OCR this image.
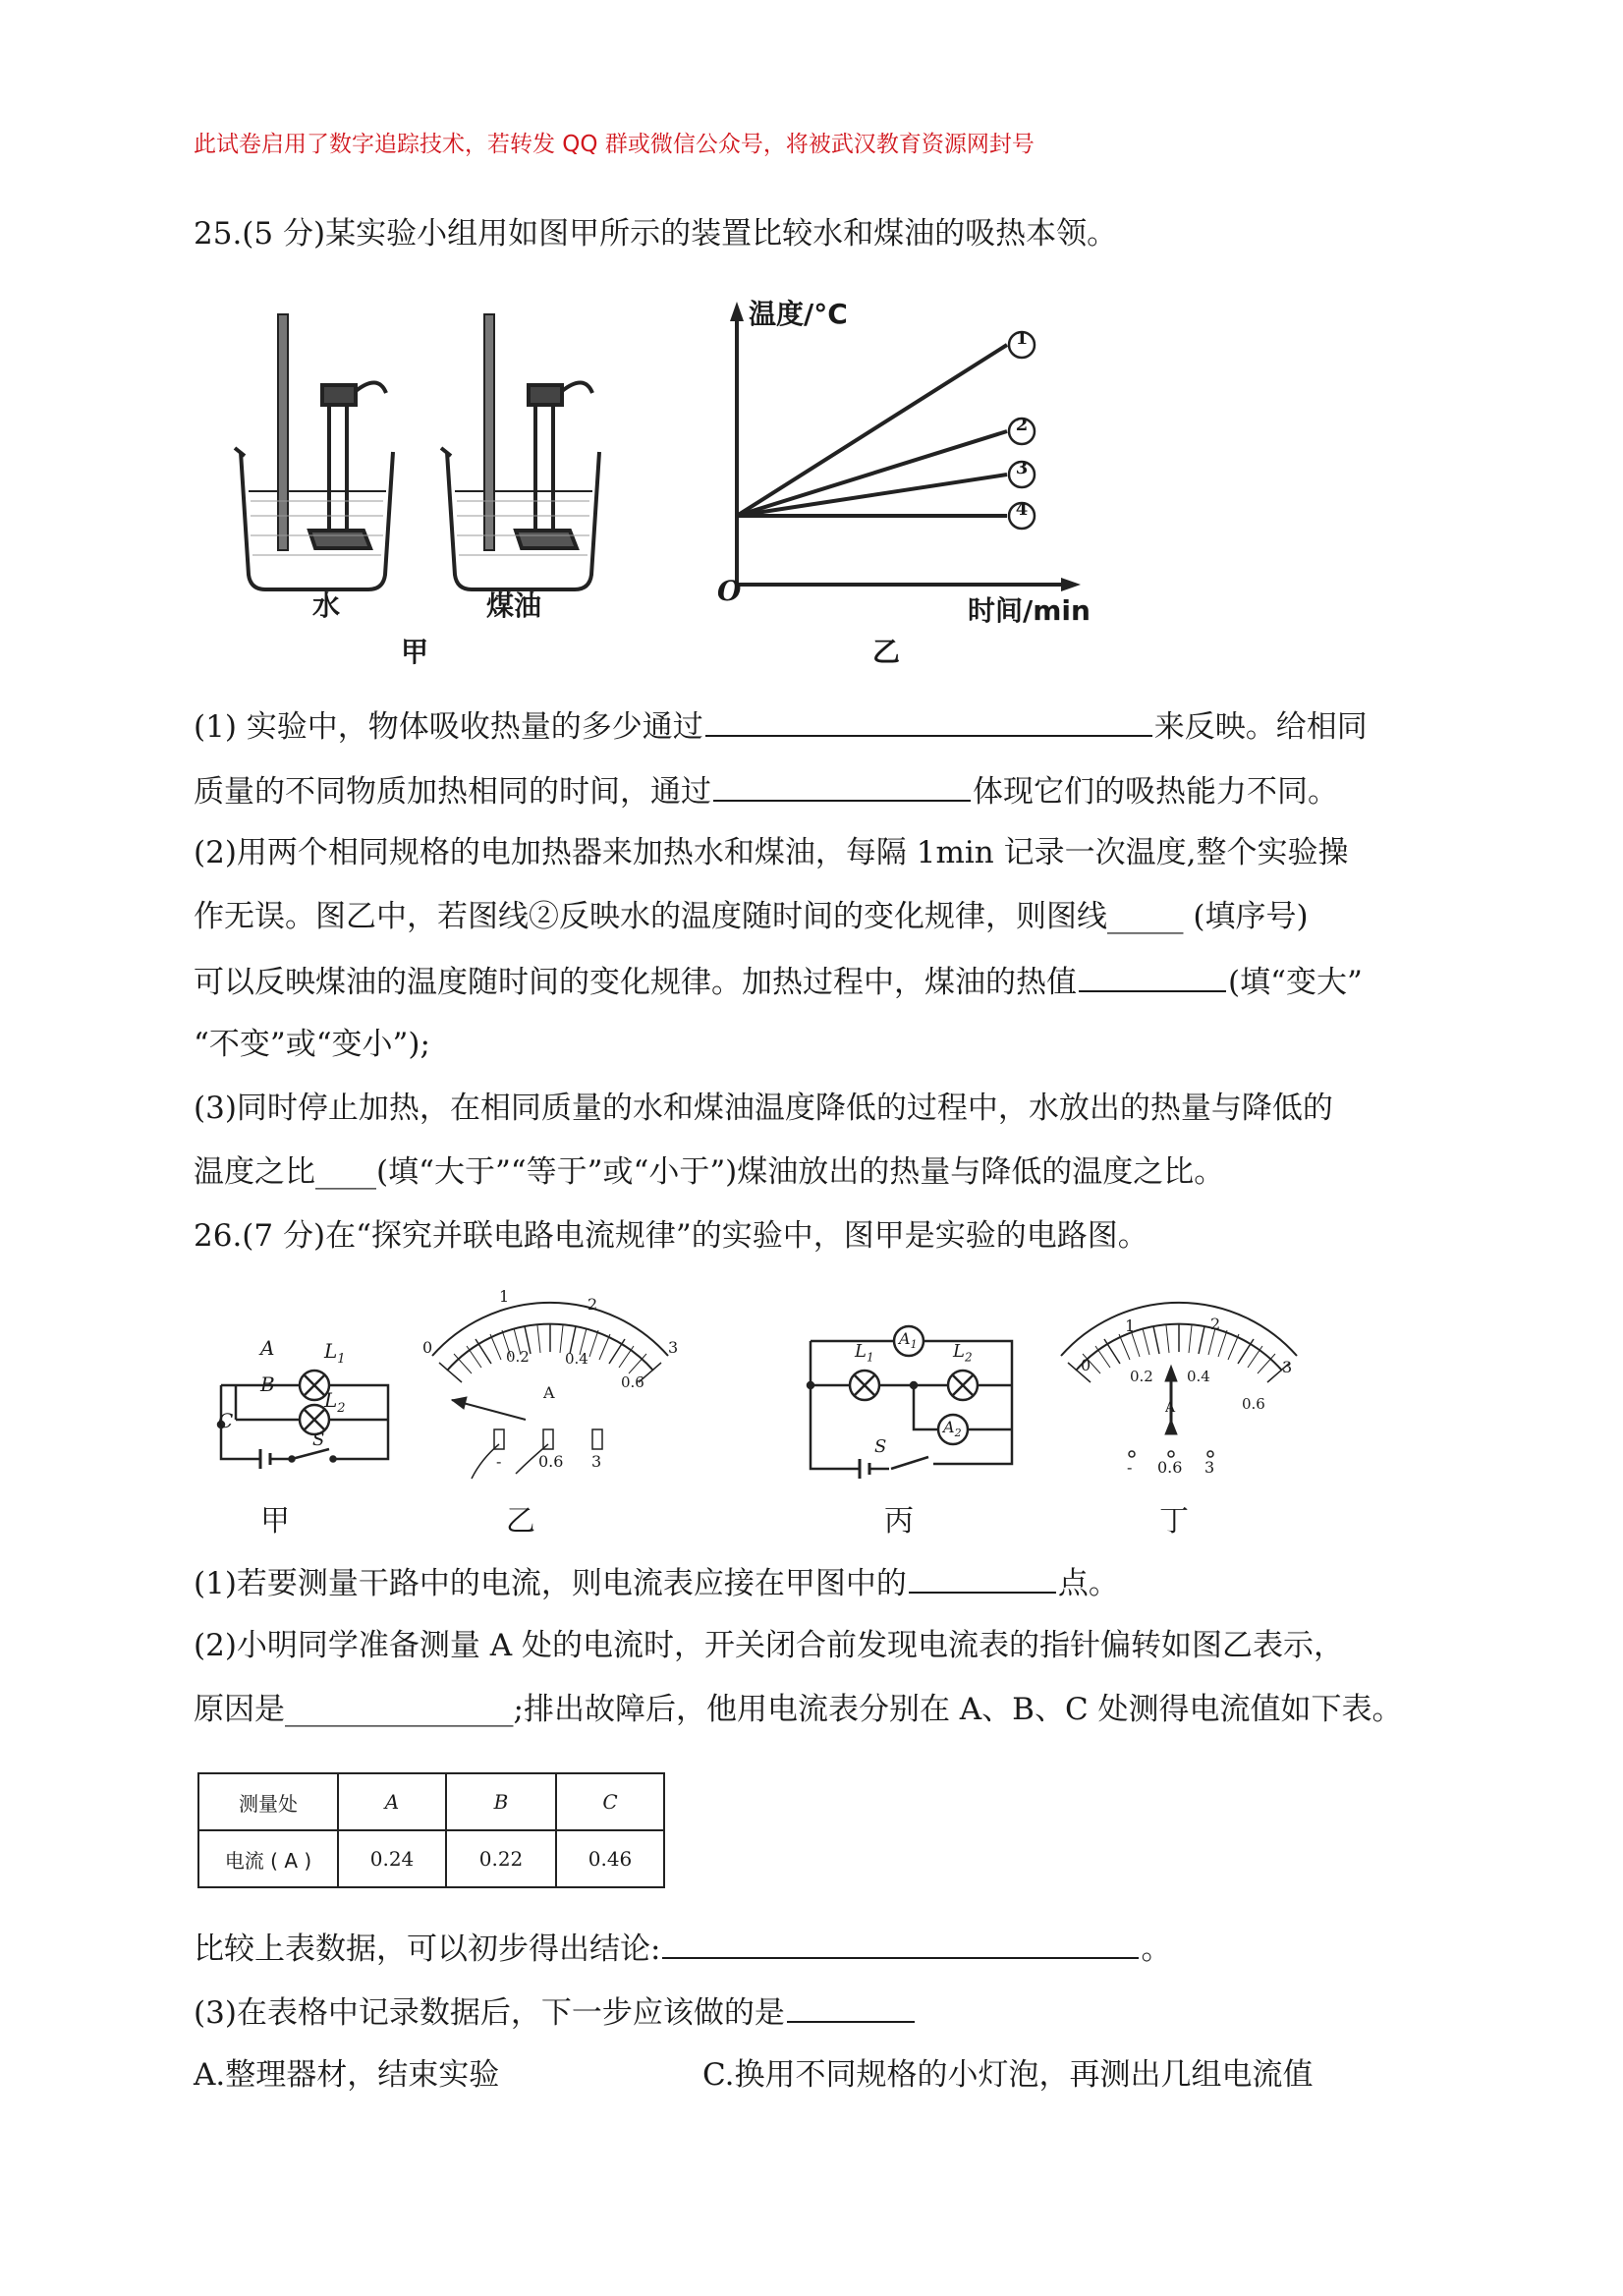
此试卷启用了数字追踪技术，若转发 QQ 群或微信公众号，将被武汉教育资源网封号
25.(5 分)某实验小组用如图甲所示的装置比较水和煤油的吸热本领。
水	煤油
甲
温度/°C
时间/min
O
1
2
3
4
乙
(1) 实验中，物体吸收热量的多少通过	来反映。给相同
质量的不同物质加热相同的时间，通过	体现它们的吸热能力不同。
(2)用两个相同规格的电加热器来加热水和煤油，每隔 1min 记录一次温度,整个实验操
作无误。图乙中，若图线②反映水的温度随时间的变化规律，则图线_____ (填序号)
可以反映煤油的温度随时间的变化规律。加热过程中，煤油的热值	(填“变大”
“不变”或“变小”);
(3)同时停止加热，在相同质量的水和煤油温度降低的过程中，水放出的热量与降低的
温度之比____(填“大于”“等于”或“小于”)煤油放出的热量与降低的温度之比。
26.(7 分)在“探究并联电路电流规律”的实验中，图甲是实验的电路图。
A
B
C
$L_1$
$L_2$
S
甲
0
1	2
3
0.2 0.4
0.6
A
- 0.6 3
乙
$A_1$
$A_2$
$L_1$	$L_2$
S
丙
0
1	2
3
0.2 0.4
0.6
A
- 0.6 3
丁
(1)若要测量干路中的电流，则电流表应接在甲图中的	点。
(2)小明同学准备测量 A 处的电流时，开关闭合前发现电流表的指针偏转如图乙表示，
原因是_______________;排出故障后，他用电流表分别在 A、B、C 处测得电流值如下表。
测量处	A	B	C
电流 ( A )	0.24	0.22	0.46
比较上表数据，可以初步得出结论:	。
(3)在表格中记录数据后，下一步应该做的是
A.整理器材，结束实验	C.换用不同规格的小灯泡，再测出几组电流值
